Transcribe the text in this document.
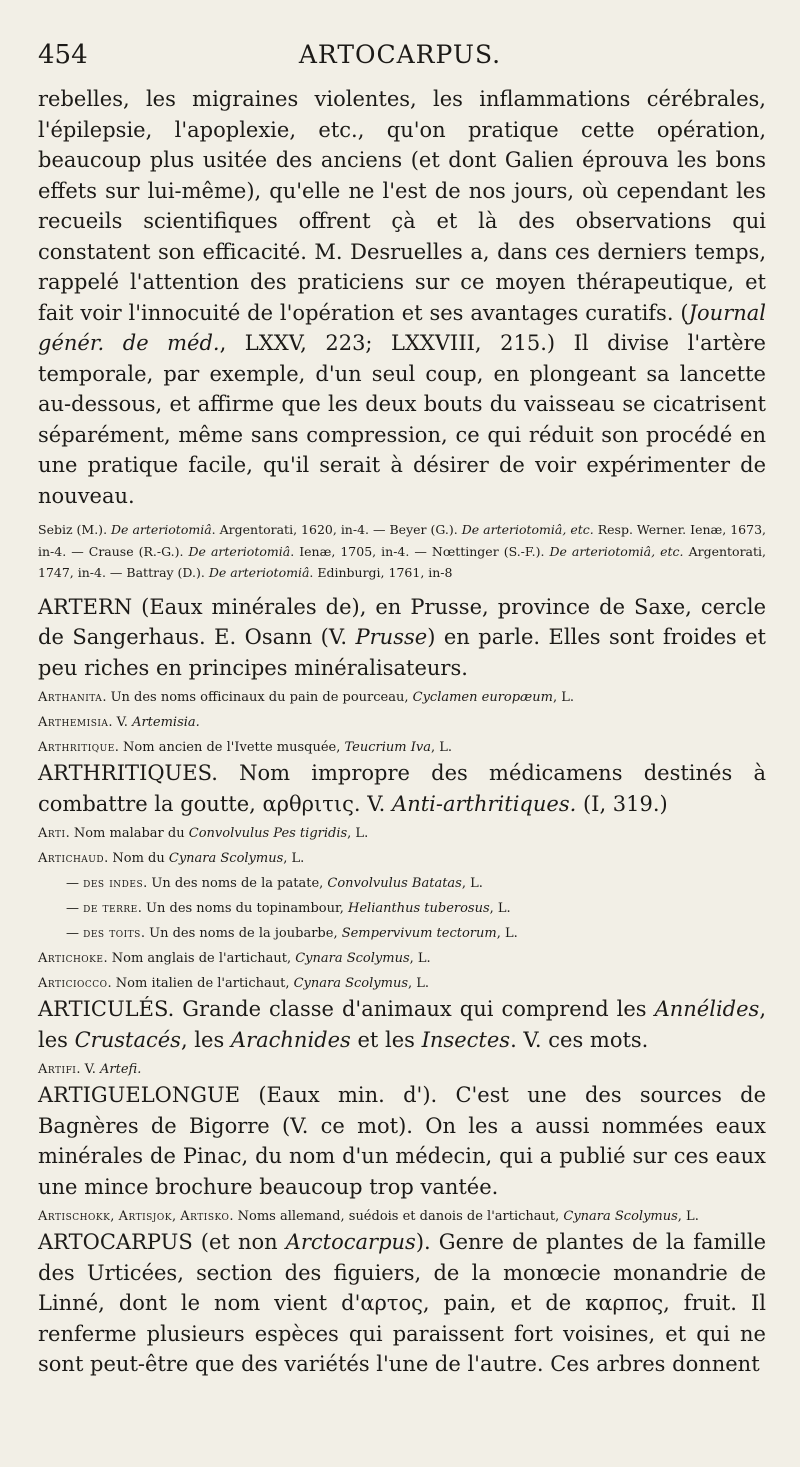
454	ARTOCARPUS.

rebelles, les migraines violentes, les inflammations cérébrales, l'épilepsie, l'apoplexie, etc., qu'on pratique cette opération, beaucoup plus usitée des anciens (et dont Galien éprouva les bons effets sur lui-même), qu'elle ne l'est de nos jours, où cependant les recueils scientifiques offrent çà et là des observations qui constatent son efficacité. M. Desruelles a, dans ces derniers temps, rappelé l'attention des praticiens sur ce moyen thérapeutique, et fait voir l'innocuité de l'opération et ses avantages curatifs. (Journal génér. de méd., LXXV, 223; LXXVIII, 215.) Il divise l'artère temporale, par exemple, d'un seul coup, en plongeant sa lancette au-dessous, et affirme que les deux bouts du vaisseau se cicatrisent séparément, même sans compression, ce qui réduit son procédé en une pratique facile, qu'il serait à désirer de voir expérimenter de nouveau.

Sebiz (M.). De arteriotomiâ. Argentorati, 1620, in-4. — Beyer (G.). De arteriotomiâ, etc. Resp. Werner. Ienæ, 1673, in-4. — Crause (R.-G.). De arteriotomiâ. Ienæ, 1705, in-4. — Nœttinger (S.-F.). De arteriotomiâ, etc. Argentorati, 1747, in-4. — Battray (D.). De arteriotomiâ. Edinburgi, 1761, in-8

ARTERN (Eaux minérales de), en Prusse, province de Saxe, cercle de Sangerhaus. E. Osann (V. Prusse) en parle. Elles sont froides et peu riches en principes minéralisateurs.

Arthanita. Un des noms officinaux du pain de pourceau, Cyclamen europæum, L.

Arthemisia. V. Artemisia.

Arthritique. Nom ancien de l'Ivette musquée, Teucrium Iva, L.

ARTHRITIQUES. Nom impropre des médicamens destinés à combattre la goutte, αρθριτις. V. Anti-arthritiques. (I, 319.)

Arti. Nom malabar du Convolvulus Pes tigridis, L.

Artichaud. Nom du Cynara Scolymus, L.

— des indes. Un des noms de la patate, Convolvulus Batatas, L.

— de terre. Un des noms du topinambour, Helianthus tuberosus, L.

— des toits. Un des noms de la joubarbe, Sempervivum tectorum, L.

Artichoke. Nom anglais de l'artichaut, Cynara Scolymus, L.

Articiocco. Nom italien de l'artichaut, Cynara Scolymus, L.

ARTICULÉS. Grande classe d'animaux qui comprend les Annélides, les Crustacés, les Arachnides et les Insectes. V. ces mots.

Artifi. V. Artefi.

ARTIGUELONGUE (Eaux min. d'). C'est une des sources de Bagnères de Bigorre (V. ce mot). On les a aussi nommées eaux minérales de Pinac, du nom d'un médecin, qui a publié sur ces eaux une mince brochure beaucoup trop vantée.

Artischokk, Artisjok, Artisko. Noms allemand, suédois et danois de l'artichaut, Cynara Scolymus, L.

ARTOCARPUS (et non Arctocarpus). Genre de plantes de la famille des Urticées, section des figuiers, de la monœcie monandrie de Linné, dont le nom vient d'αρτος, pain, et de καρπος, fruit. Il renferme plusieurs espèces qui paraissent fort voisines, et qui ne sont peut-être que des variétés l'une de l'autre. Ces arbres donnent
